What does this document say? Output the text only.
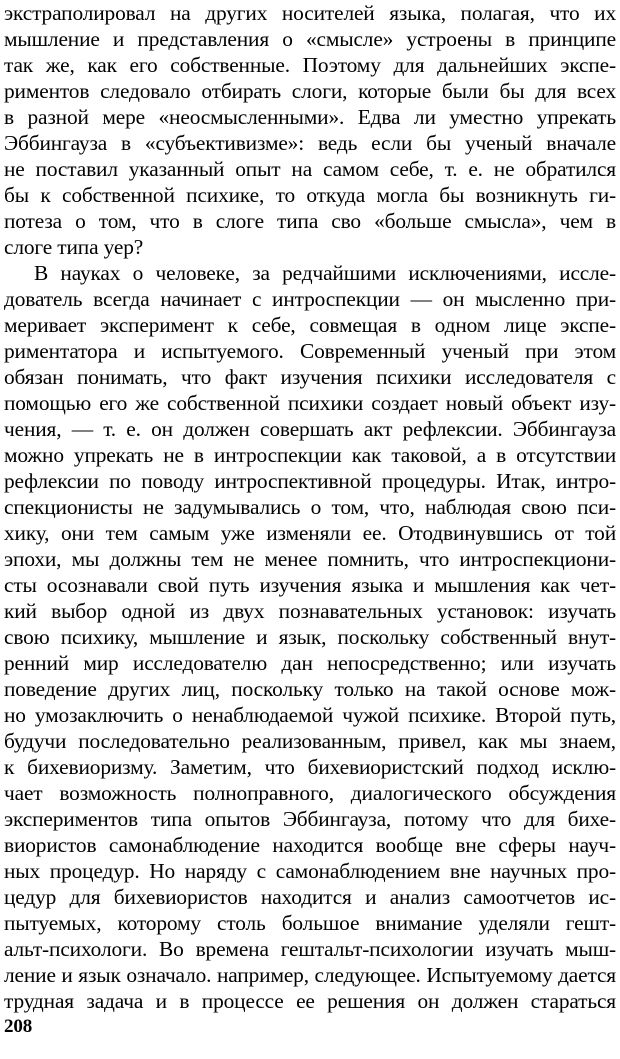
экстраполировал на других носителей языка, полагая, что их
мышление и представления о «смысле» устроены в принципе
так же, как его собственные. Поэтому для дальнейших экспе-
риментов следовало отбирать слоги, которые были бы для всех
в разной мере «неосмысленными». Едва ли уместно упрекать
Эббингауза в «субъективизме»: ведь если бы ученый вначале
не поставил указанный опыт на самом себе, т. е. не обратился
бы к собственной психике, то откуда могла бы возникнуть ги-
потеза о том, что в слоге типа сво «больше смысла», чем в
слоге типа уер?
В науках о человеке, за редчайшими исключениями, иссле-
дователь всегда начинает с интроспекции — он мысленно при-
меривает эксперимент к себе, совмещая в одном лице экспе-
риментатора и испытуемого. Современный ученый при этом
обязан понимать, что факт изучения психики исследователя с
помощью его же собственной психики создает новый объект изу-
чения, — т. е. он должен совершать акт рефлексии. Эббингауза
можно упрекать не в интроспекции как таковой, а в отсутствии
рефлексии по поводу интроспективной процедуры. Итак, интро-
спекционисты не задумывались о том, что, наблюдая свою пси-
хику, они тем самым уже изменяли ее. Отодвинувшись от той
эпохи, мы должны тем не менее помнить, что интроспекциони-
сты осознавали свой путь изучения языка и мышления как чет-
кий выбор одной из двух познавательных установок: изучать
свою психику, мышление и язык, поскольку собственный внут-
ренний мир исследователю дан непосредственно; или изучать
поведение других лиц, поскольку только на такой основе мож-
но умозаключить о ненаблюдаемой чужой психике. Второй путь,
будучи последовательно реализованным, привел, как мы знаем,
к бихевиоризму. Заметим, что бихевиористский подход исклю-
чает возможность полноправного, диалогического обсуждения
экспериментов типа опытов Эббингауза, потому что для бихе-
виористов самонаблюдение находится вообще вне сферы науч-
ных процедур. Но наряду с самонаблюдением вне научных про-
цедур для бихевиористов находится и анализ самоотчетов ис-
пытуемых, которому столь большое внимание уделяли гешт-
альт-психологи. Во времена гештальт-психологии изучать мыш-
ление и язык означало. например, следующее. Испытуемому дается
трудная задача и в процессе ее решения он должен стараться
208
